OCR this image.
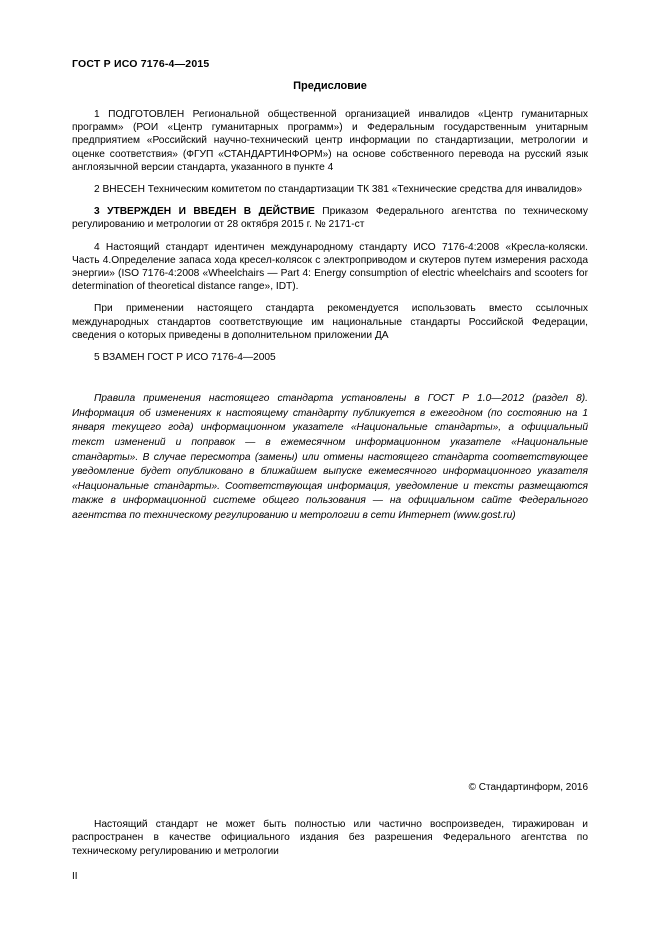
ГОСТ Р ИСО 7176-4—2015
Предисловие

1 ПОДГОТОВЛЕН Региональной общественной организацией инвалидов «Центр гуманитарных программ» (РОИ «Центр гуманитарных программ») и Федеральным государственным унитарным предприятием «Российский научно-технический центр информации по стандартизации, метрологии и оценке соответствия» (ФГУП «СТАНДАРТИНФОРМ») на основе собственного перевода на русский язык англоязычной версии стандарта, указанного в пункте 4

2 ВНЕСЕН Техническим комитетом по стандартизации ТК 381 «Технические средства для инвалидов»

3 УТВЕРЖДЕН И ВВЕДЕН В ДЕЙСТВИЕ Приказом Федерального агентства по техническому регулированию и метрологии от 28 октября 2015 г. № 2171-ст

4 Настоящий стандарт идентичен международному стандарту ИСО 7176-4:2008 «Кресла-коляски. Часть 4.Определение запаса хода кресел-колясок с электроприводом и скутеров путем измерения расхода энергии» (ISO 7176-4:2008 «Wheelchairs — Part 4: Energy consumption of electric wheelchairs and scooters for determination of theoretical distance range», IDT).

При применении настоящего стандарта рекомендуется использовать вместо ссылочных международных стандартов соответствующие им национальные стандарты Российской Федерации, сведения о которых приведены в дополнительном приложении ДА

5 ВЗАМЕН ГОСТ Р ИСО 7176-4—2005

Правила применения настоящего стандарта установлены в ГОСТ Р 1.0—2012 (раздел 8). Информация об изменениях к настоящему стандарту публикуется в ежегодном (по состоянию на 1 января текущего года) информационном указателе «Национальные стандарты», а официальный текст изменений и поправок — в ежемесячном информационном указателе «Национальные стандарты». В случае пересмотра (замены) или отмены настоящего стандарта соответствующее уведомление будет опубликовано в ближайшем выпуске ежемесячного информационного указателя «Национальные стандарты». Соответствующая информация, уведомление и тексты размещаются также в информационной системе общего пользования — на официальном сайте Федерального агентства по техническому регулированию и метрологии в сети Интернет (www.gost.ru)

© Стандартинформ, 2016

Настоящий стандарт не может быть полностью или частично воспроизведен, тиражирован и распространен в качестве официального издания без разрешения Федерального агентства по техническому регулированию и метрологии

II
